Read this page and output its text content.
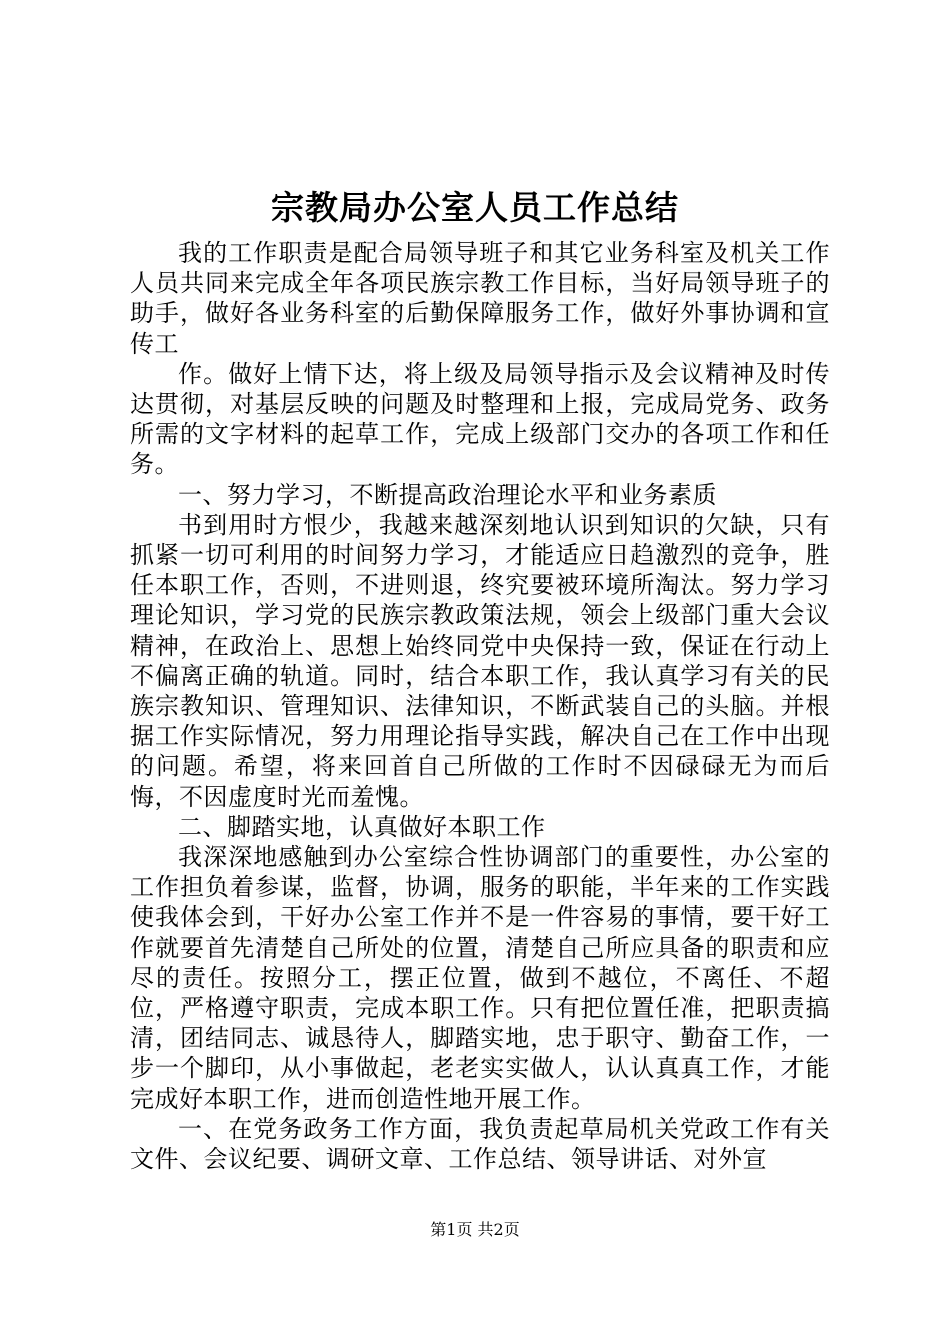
宗教局办公室人员工作总结

我的工作职责是配合局领导班子和其它业务科室及机关工作人员共同来完成全年各项民族宗教工作目标，当好局领导班子的助手，做好各业务科室的后勤保障服务工作，做好外事协调和宣传工

作。做好上情下达，将上级及局领导指示及会议精神及时传达贯彻，对基层反映的问题及时整理和上报，完成局党务、政务所需的文字材料的起草工作，完成上级部门交办的各项工作和任务。

一、努力学习，不断提高政治理论水平和业务素质

书到用时方恨少，我越来越深刻地认识到知识的欠缺，只有抓紧一切可利用的时间努力学习，才能适应日趋激烈的竞争，胜任本职工作，否则，不进则退，终究要被环境所淘汰。努力学习理论知识，学习党的民族宗教政策法规，领会上级部门重大会议精神，在政治上、思想上始终同党中央保持一致，保证在行动上不偏离正确的轨道。同时，结合本职工作，我认真学习有关的民族宗教知识、管理知识、法律知识，不断武装自己的头脑。并根据工作实际情况，努力用理论指导实践，解决自己在工作中出现的问题。希望，将来回首自己所做的工作时不因碌碌无为而后悔，不因虚度时光而羞愧。

二、脚踏实地，认真做好本职工作

我深深地感触到办公室综合性协调部门的重要性，办公室的工作担负着参谋，监督，协调，服务的职能，半年来的工作实践使我体会到，干好办公室工作并不是一件容易的事情，要干好工作就要首先清楚自己所处的位置，清楚自己所应具备的职责和应尽的责任。按照分工，摆正位置，做到不越位，不离任、不超位，严格遵守职责，完成本职工作。只有把位置任准，把职责搞清，团结同志、诚恳待人，脚踏实地，忠于职守、勤奋工作，一步一个脚印，从小事做起，老老实实做人，认认真真工作，才能完成好本职工作，进而创造性地开展工作。

一、在党务政务工作方面，我负责起草局机关党政工作有关文件、会议纪要、调研文章、工作总结、领导讲话、对外宣

第1页 共2页
